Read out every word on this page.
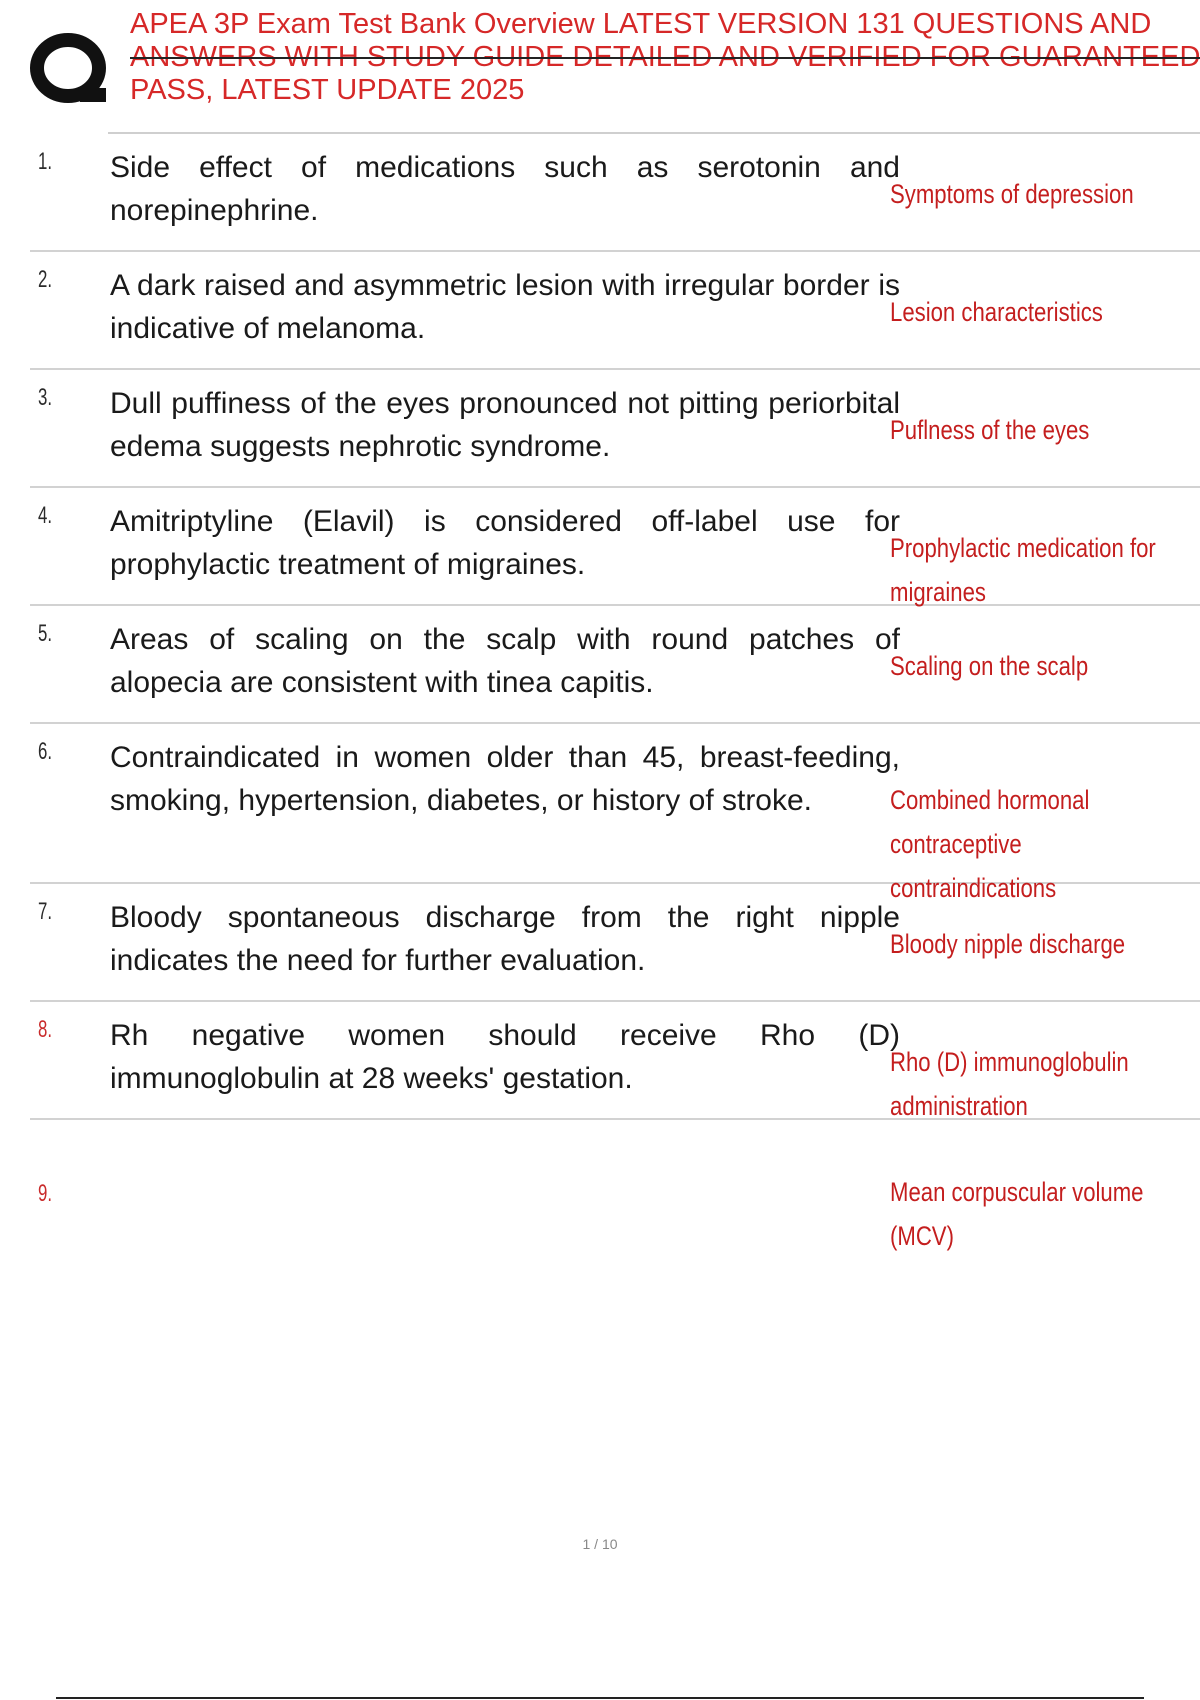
APEA 3P Exam Test Bank Overview LATEST VERSION 131 QUESTIONS AND
ANSWERS WITH STUDY GUIDE DETAILED AND VERIFIED FOR GUARANTEED
PASS, LATEST UPDATE 2025
1. Side effect of medications such as serotonin and norepinephrine.	Symptoms of depression
2. A dark raised and asymmetric lesion with irregular border is indicative of melanoma.	Lesion characteristics
3. Dull puffiness of the eyes pronounced not pitting periorbital edema suggests nephrotic syndrome.	Puflness of the eyes
4. Amitriptyline (Elavil) is considered off-label use for prophylactic treatment of migraines.	Prophylactic medication for migraines
5. Areas of scaling on the scalp with round patches of alopecia are consistent with tinea capitis.	Scaling on the scalp
6. Contraindicated in women older than 45, breast-feeding, smoking, hypertension, diabetes, or history of stroke.	Combined hormonal contraceptive contraindications
7. Bloody spontaneous discharge from the right nipple indicates the need for further evaluation.	Bloody nipple discharge
8. Rh negative women should receive Rho (D) immunoglobulin at 28 weeks' gestation.	Rho (D) immunoglobulin administration
9.	Mean corpuscular volume (MCV)
1 / 10
